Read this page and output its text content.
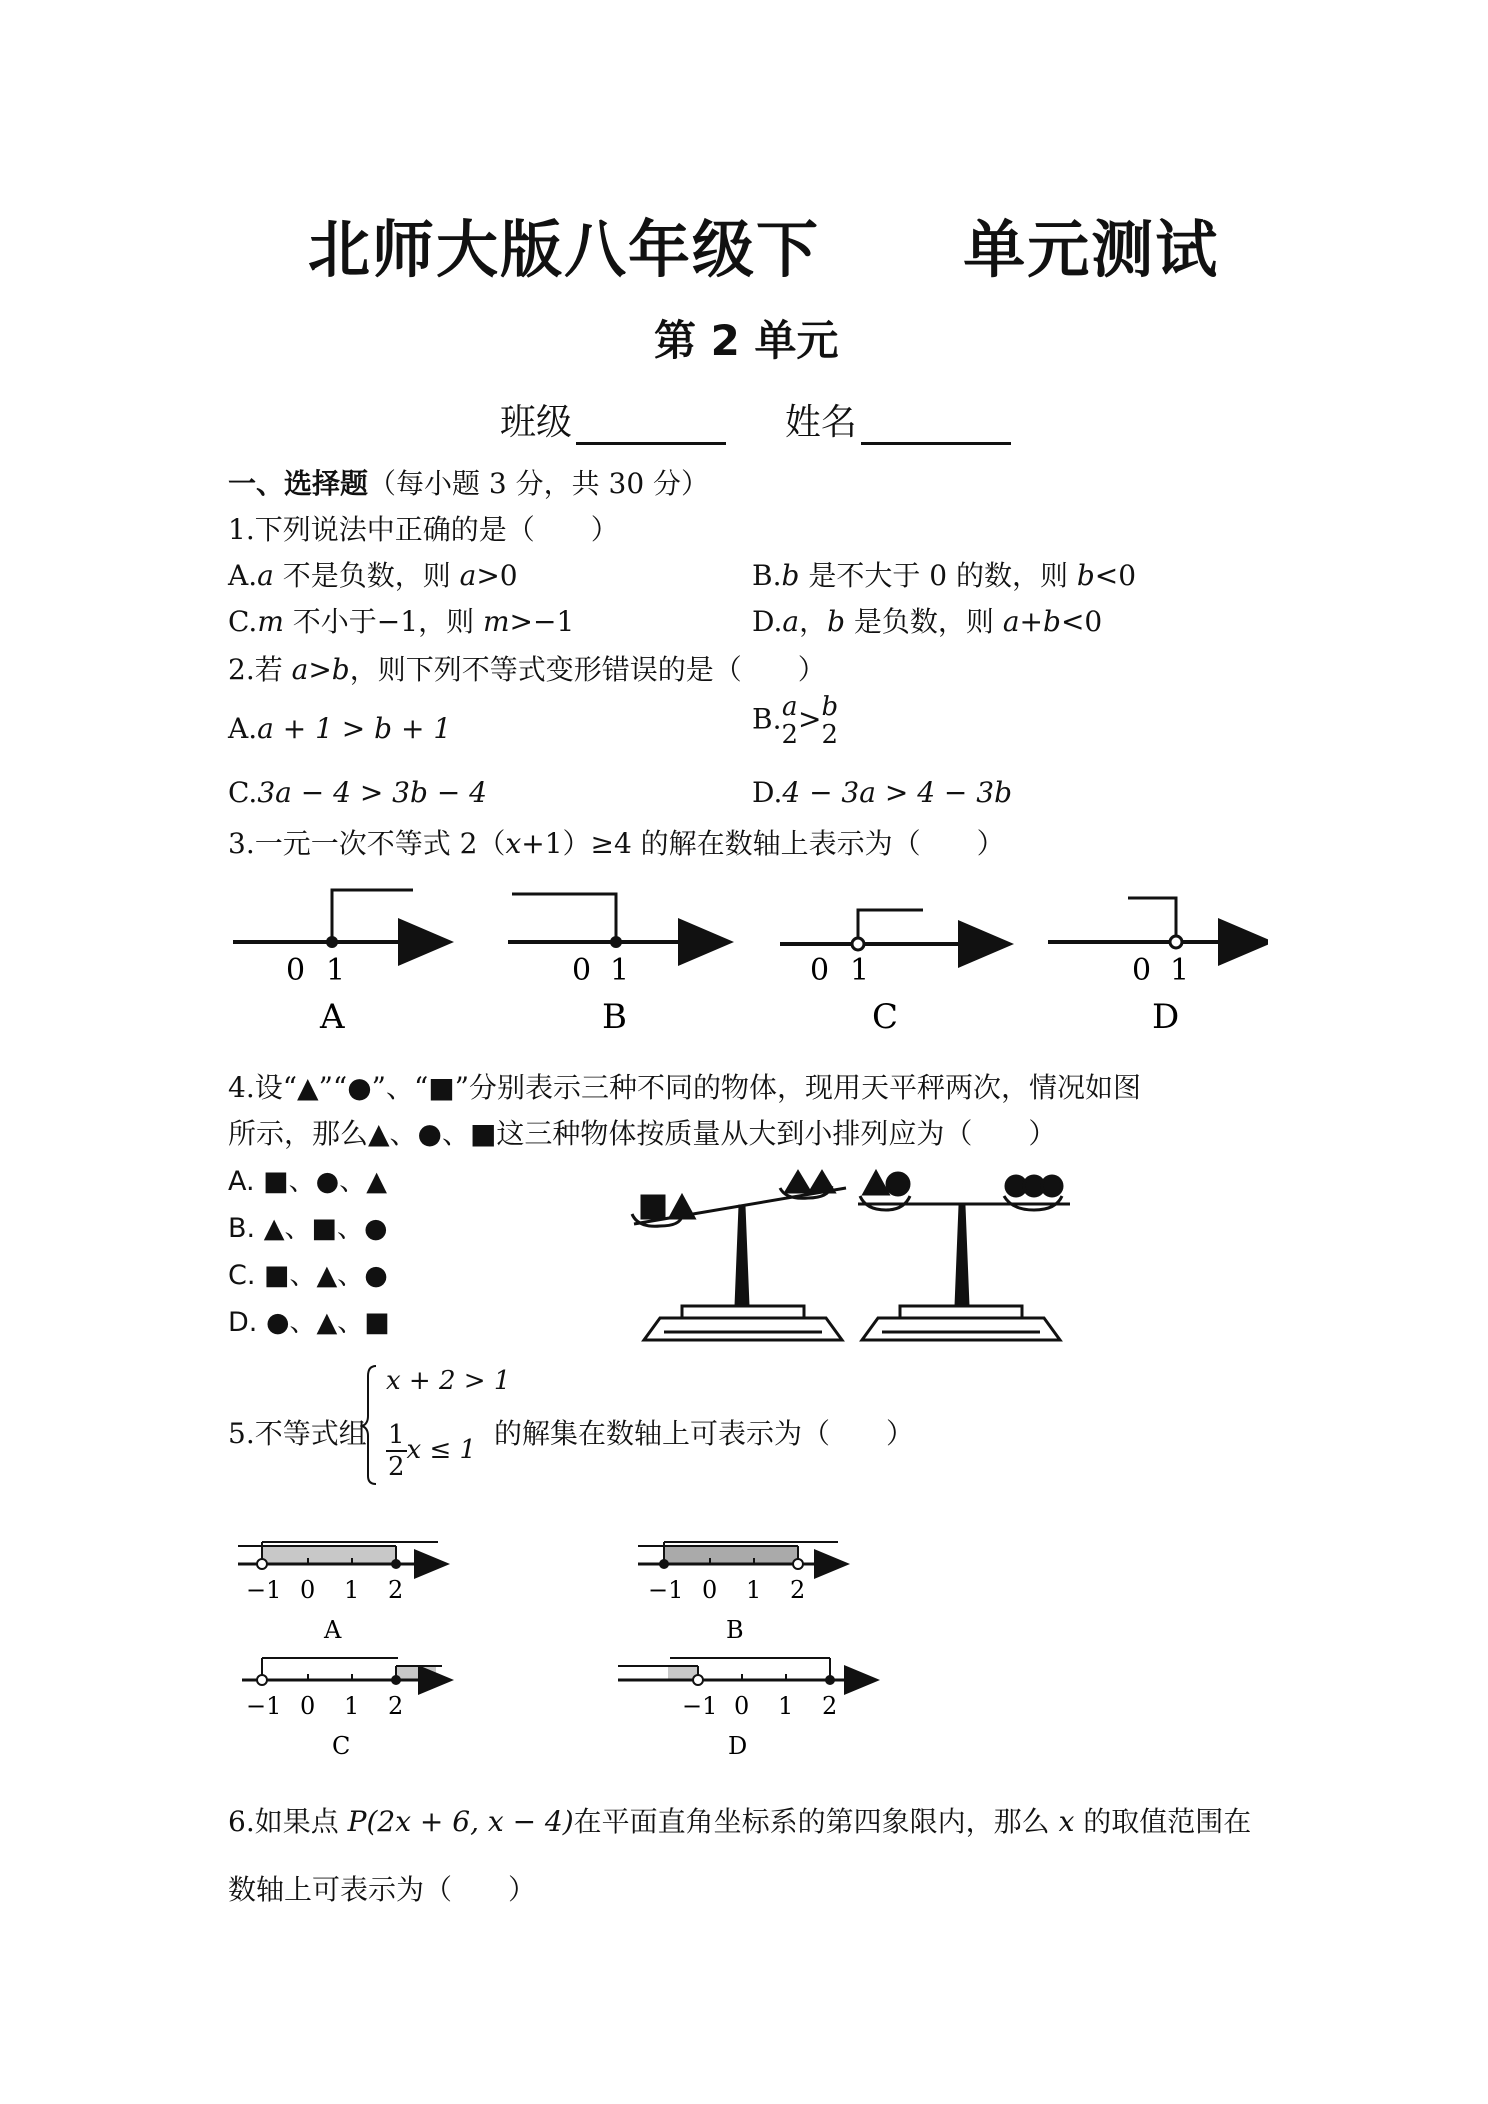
北师大版八年级下 单元测试
第 2 单元
班级	姓名
一、选择题（每小题 3 分，共 30 分）
1.下列说法中正确的是（　　）
A.a 不是负数，则 a>0	B.b 是不大于 0 的数，则 b<0
C.m 不小于−1，则 m>−1	D.a，b 是负数，则 a+b<0
2.若 a>b，则下列不等式变形错误的是（　　）
A.a + 1 > b + 1	B. a
2 > b
2
C.3a − 4 > 3b − 4	D.4 − 3a > 4 − 3b
3.一元一次不等式 2（x+1）≥4 的解在数轴上表示为（　　）
0 1
A
0 1
B
0 1
C
0 1
D
4.设“▲”“●”、“■”分别表示三种不同的物体，现用天平秤两次，情况如图
所示，那么▲、●、■这三种物体按质量从大到小排列应为（　　）
A. ■、●、▲
B. ▲、■、●
C. ■、▲、●
D. ●、▲、■
5.不等式组
x + 2 > 1
$\frac{1}{2}$ x ≤ 1 的解集在数轴上可表示为（　　）
−1 0 1 2
A
−1 0 1 2
B
−1 0 1 2
C
−1 0 1 2
D
6.如果点 P(2x + 6, x − 4)在平面直角坐标系的第四象限内，那么 x 的取值范围在
数轴上可表示为（　　）
